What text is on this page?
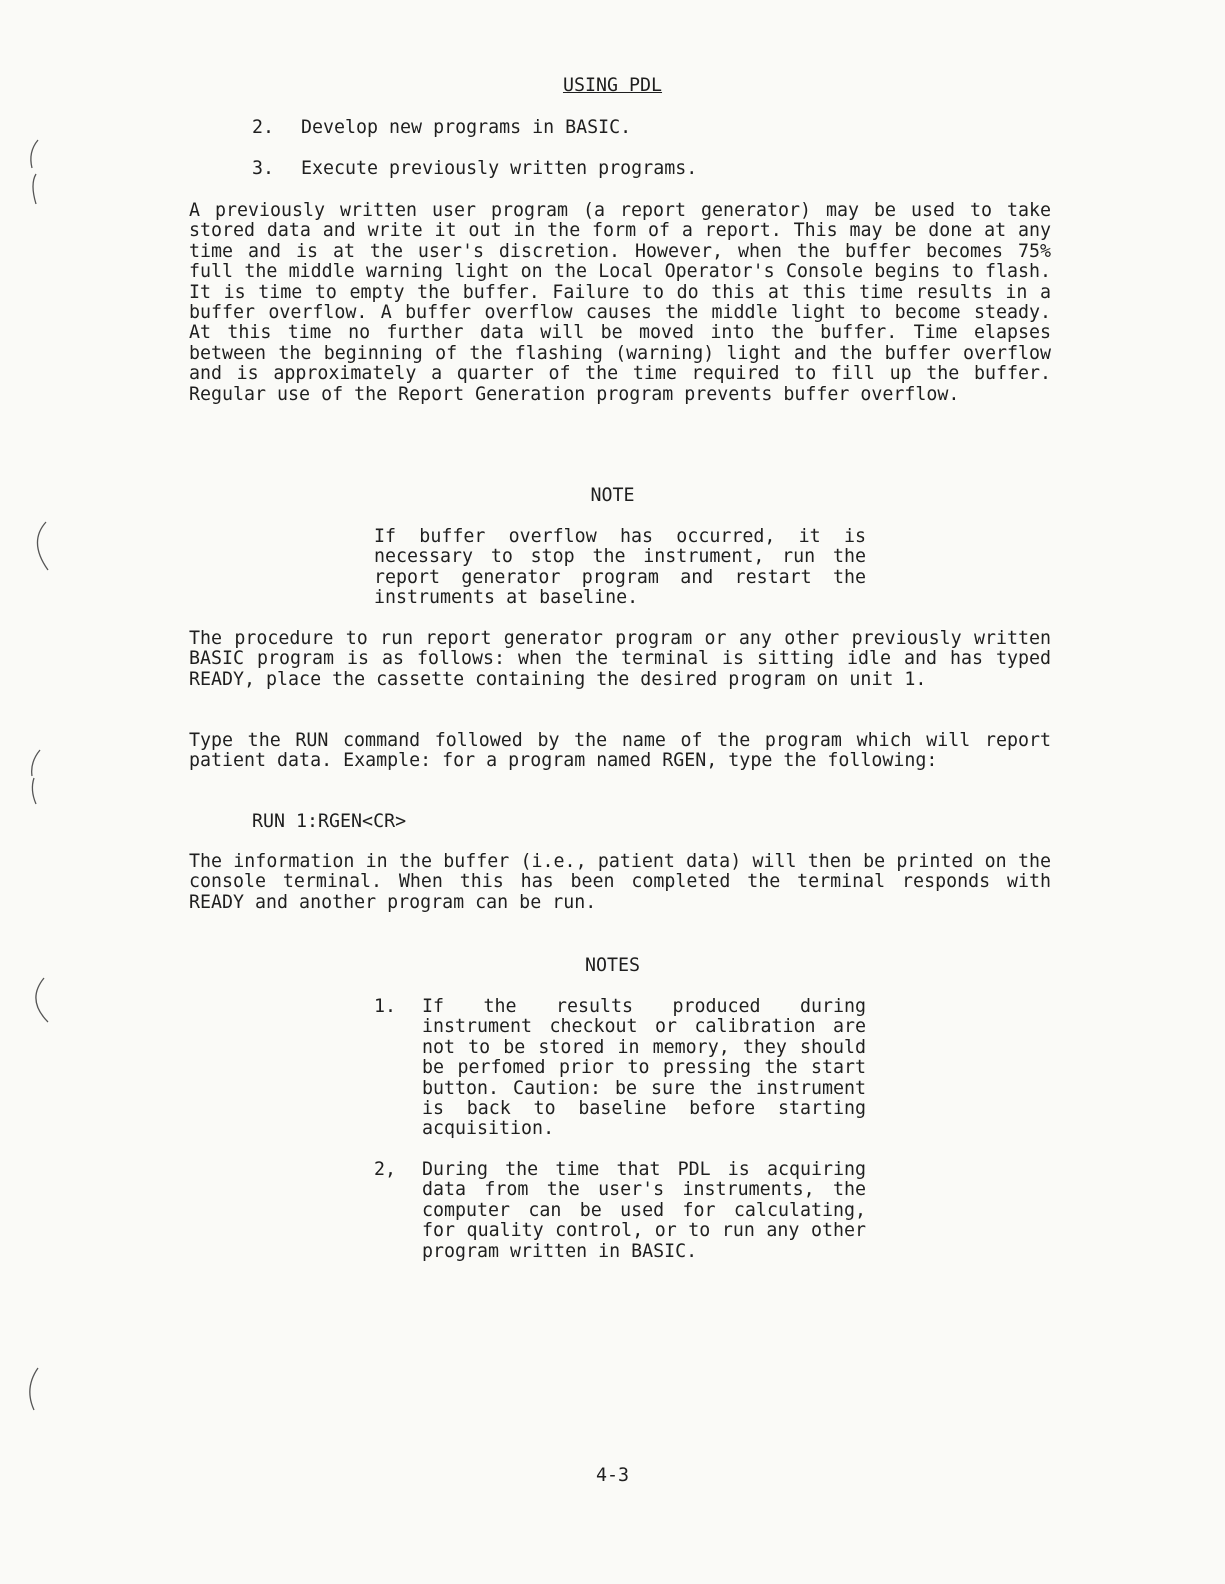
USING PDL

2. Develop new programs in BASIC.

3. Execute previously written programs.

A previously written user program (a report generator) may be used to take stored data and write it out in the form of a report. This may be done at any time and is at the user's discretion. However, when the buffer becomes 75% full the middle warning light on the Local Operator's Console begins to flash. It is time to empty the buffer. Failure to do this at this time results in a buffer overflow. A buffer overflow causes the middle light to become steady. At this time no further data will be moved into the buffer. Time elapses between the beginning of the flashing (warning) light and the buffer overflow and is approximately a quarter of the time required to fill up the buffer. Regular use of the Report Generation program prevents buffer overflow.

NOTE

If buffer overflow has occurred, it is necessary to stop the instrument, run the report generator program and restart the instruments at baseline.

The procedure to run report generator program or any other previously written BASIC program is as follows: when the terminal is sitting idle and has typed READY, place the cassette containing the desired program on unit 1.

Type the RUN command followed by the name of the program which will report patient data. Example: for a program named RGEN, type the following:

RUN 1:RGEN<CR>

The information in the buffer (i.e., patient data) will then be printed on the console terminal. When this has been completed the terminal responds with READY and another program can be run.

NOTES

1. If the results produced during instrument checkout or calibration are not to be stored in memory, they should be perfomed prior to pressing the start button. Caution: be sure the instrument is back to baseline before starting acquisition.

2, During the time that PDL is acquiring data from the user's instruments, the computer can be used for calculating, for quality control, or to run any other program written in BASIC.

4-3
